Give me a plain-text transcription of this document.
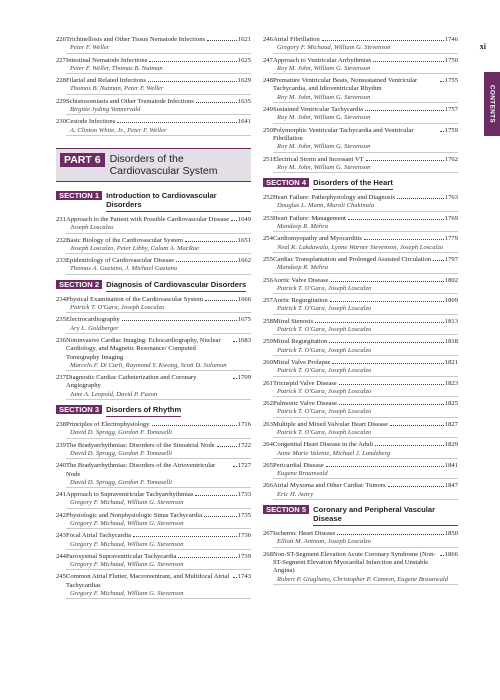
xi
CONTENTS
226 Trichinellosis and Other Tissue Nematode Infections	1621
Peter F. Weller
227 Intestinal Nematode Infections	1625
Peter F. Weller, Thomas B. Nutman
228 Filarial and Related Infections	1629
Thomas B. Nutman, Peter F. Weller
229 Schistosomiasis and Other Trematode Infections	1635
Birgitte Jyding Vennervald
230 Cestode Infections	1641
A. Clinton White, Jr., Peter F. Weller
PART 6 Disorders of the Cardiovascular System
SECTION 1 Introduction to Cardiovascular Disorders
231 Approach to the Patient with Possible Cardiovascular Disease 1649
Joseph Loscalzo
232 Basic Biology of the Cardiovascular System	1651
Joseph Loscalzo, Peter Libby, Calum A. MacRae
233 Epidemiology of Cardiovascular Disease	1662
Thomas A. Gaziano, J. Michael Gaziano
SECTION 2 Diagnosis of Cardiovascular Disorders
234 Physical Examination of the Cardiovascular System	1666
Patrick T. O'Gara, Joseph Loscalzo
235 Electrocardiography	1675
Ary L. Goldberger
236 Noninvasive Cardiac Imaging: Echocardiography, Nuclear Cardiology, and Magnetic Resonance/ Computed Tomography Imaging
1683
Marcelo F. Di Carli, Raymond Y. Kwong, Scott D. Solomon
237 Diagnostic Cardiac Catheterization and Coronary Angiography
1709
Jane A. Leopold, David P. Faxon
SECTION 3 Disorders of Rhythm
238 Principles of Electrophysiology	1716
David D. Spragg, Gordon F. Tomaselli
239 The Bradyarrhythmias: Disorders of the Sinoatrial Node	1722
David D. Spragg, Gordon F. Tomaselli
240 The Bradyarrhythmias: Disorders of the Atrioventricular Node
1727
David D. Spragg, Gordon F. Tomaselli
241 Approach to Supraventricular Tachyarrhythmias	1733
Gregory F. Michaud, William G. Stevenson
242 Physiologic and Nonphysiologic Sinus Tachycardia	1735
Gregory F. Michaud, William G. Stevenson
243 Focal Atrial Tachycardia	1736
Gregory F. Michaud, William G. Stevenson
244 Paroxysmal Supraventricular Tachycardia	1739
Gregory F. Michaud, William G. Stevenson
245 Common Atrial Flutter, Macroreentrant, and Multifocal Atrial Tachycardias
1743
Gregory F. Michaud, William G. Stevenson
246 Atrial Fibrillation	1746
Gregory F. Michaud, William G. Stevenson
247 Approach to Ventricular Arrhythmias	1750
Roy M. John, William G. Stevenson
248 Premature Ventricular Beats, Nonsustained Ventricular Tachycardia, and Idioventricular Rhythm
1755
Roy M. John, William G. Stevenson
249 Sustained Ventricular Tachycardia	1757
Roy M. John, William G. Stevenson
250 Polymorphic Ventricular Tachycardia and Ventricular Fibrillation
1759
Roy M. John, William G. Stevenson
251 Electrical Storm and Incessant VT	1762
Roy M. John, William G. Stevenson
SECTION 4 Disorders of the Heart
252 Heart Failure: Pathophysiology and Diagnosis	1763
Douglas L. Mann, Murali Chakinala
253 Heart Failure: Management	1769
Mandeep R. Mehra
254 Cardiomyopathy and Myocarditis	1779
Neal K. Lakdawala, Lynne Warner Stevenson, Joseph Loscalzo
255 Cardiac Transplantation and Prolonged Assisted Circulation 1797
Mandeep R. Mehra
256 Aortic Valve Disease	1802
Patrick T. O'Gara, Joseph Loscalzo
257 Aortic Regurgitation	1809
Patrick T. O'Gara, Joseph Loscalzo
258 Mitral Stenosis	1813
Patrick T. O'Gara, Joseph Loscalzo
259 Mitral Regurgitation	1818
Patrick T. O'Gara, Joseph Loscalzo
260 Mitral Valve Prolapse	1821
Patrick T. O'Gara, Joseph Loscalzo
261 Tricuspid Valve Disease	1823
Patrick T. O'Gara, Joseph Loscalzo
262 Pulmonic Valve Disease	1825
Patrick T. O'Gara, Joseph Loscalzo
263 Multiple and Mixed Valvular Heart Disease	1827
Patrick T. O'Gara, Joseph Loscalzo
264 Congenital Heart Disease in the Adult	1829
Anne Marie Valente, Michael J. Landzberg
265 Pericardial Disease	1841
Eugene Braunwald
266 Atrial Myxoma and Other Cardiac Tumors	1847
Eric H. Awtry
SECTION 5 Coronary and Peripheral Vascular Disease
267 Ischemic Heart Disease	1850
Elliott M. Antman, Joseph Loscalzo
268 Non-ST-Segment Elevation Acute Coronary Syndrome (Non-ST-Segment Elevation Myocardial Infarction and Unstable Angina)
1866
Robert P. Giugliano, Christopher P. Cannon, Eugene Braunwald
